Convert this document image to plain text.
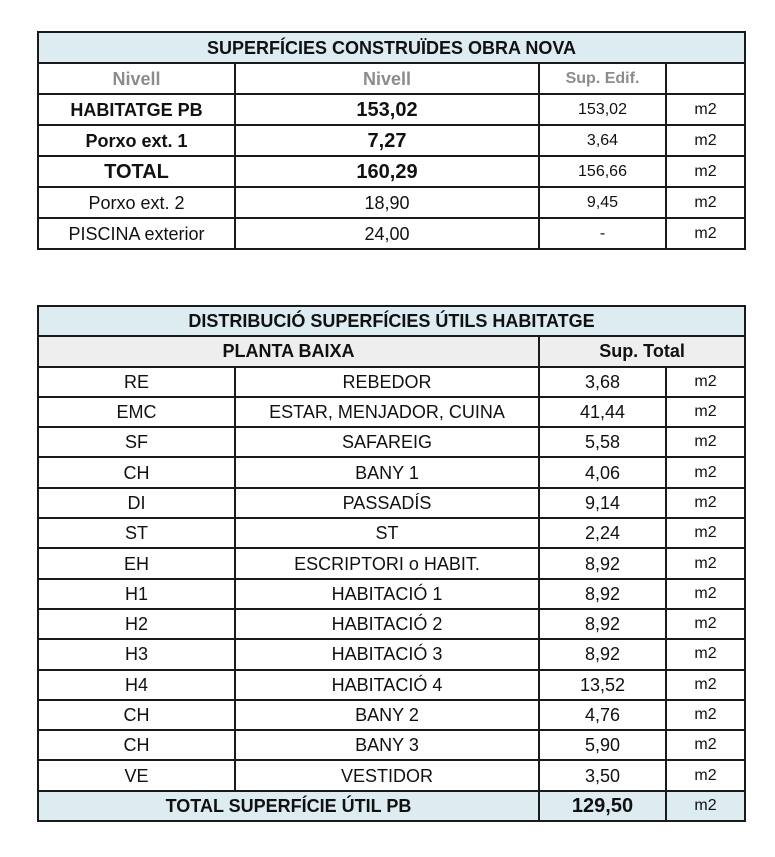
SUPERFÍCIES CONSTRUÏDES OBRA NOVA			
Nivell	Nivell	Sup. Edif.	
HABITATGE PB	153,02	153,02	m2
Porxo ext. 1	7,27	3,64	m2
TOTAL	160,29	156,66	m2
Porxo ext. 2	18,90	9,45	m2
PISCINA exterior	24,00	-	m2
DISTRIBUCIÓ SUPERFÍCIES ÚTILS HABITATGE			
PLANTA BAIXA		Sup. Total	
RE	REBEDOR	3,68	m2
EMC	ESTAR, MENJADOR, CUINA	41,44	m2
SF	SAFAREIG	5,58	m2
CH	BANY 1	4,06	m2
DI	PASSADÍS	9,14	m2
ST	ST	2,24	m2
EH	ESCRIPTORI o HABIT.	8,92	m2
H1	HABITACIÓ 1	8,92	m2
H2	HABITACIÓ 2	8,92	m2
H3	HABITACIÓ 3	8,92	m2
H4	HABITACIÓ 4	13,52	m2
CH	BANY 2	4,76	m2
CH	BANY 3	5,90	m2
VE	VESTIDOR	3,50	m2
TOTAL SUPERFÍCIE ÚTIL PB		129,50	m2
